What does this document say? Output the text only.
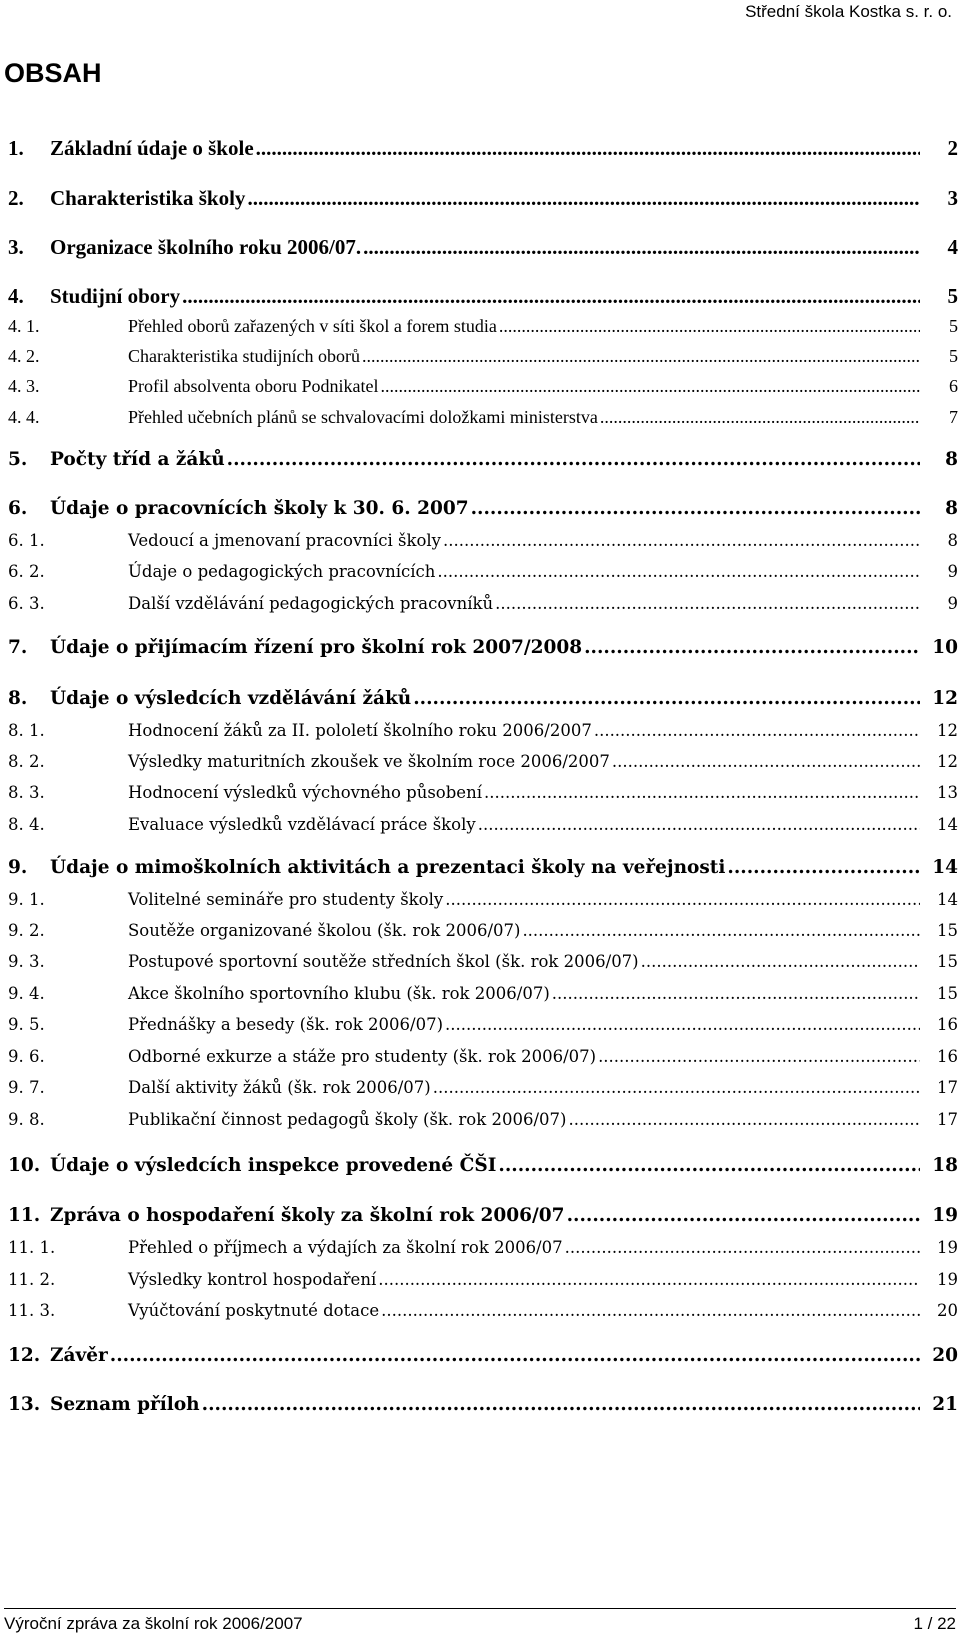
Střední škola Kostka s. r. o.
OBSAH
1.	Základní údaje o škole .....	2
2.	Charakteristika školy .....	3
3.	Organizace školního roku 2006/07. .....	4
4.	Studijní obory .....	5
4. 1.	Přehled oborů zařazených v síti škol a forem studia .....	5
4. 2.	Charakteristika studijních oborů .....	5
4. 3.	Profil absolventa oboru Podnikatel .....	6
4. 4.	Přehled učebních plánů se schvalovacími doložkami ministerstva .....	7
5.	Počty tříd a žáků .....	8
6.	Údaje o pracovnících školy k 30. 6. 2007 .....	8
6. 1.	Vedoucí a jmenovaní pracovníci školy .....	8
6. 2.	Údaje o pedagogických pracovnících .....	9
6. 3.	Další vzdělávání pedagogických pracovníků .....	9
7.	Údaje o přijímacím řízení pro školní rok 2007/2008 .....	10
8.	Údaje o výsledcích vzdělávání žáků .....	12
8. 1.	Hodnocení žáků za II. pololetí školního roku 2006/2007 .....	12
8. 2.	Výsledky maturitních zkoušek ve školním roce 2006/2007 .....	12
8. 3.	Hodnocení výsledků výchovného působení .....	13
8. 4.	Evaluace výsledků vzdělávací práce školy .....	14
9.	Údaje o mimoškolních aktivitách a prezentaci školy na veřejnosti .....	14
9. 1.	Volitelné semináře pro studenty školy .....	14
9. 2.	Soutěže organizované školou (šk. rok 2006/07) .....	15
9. 3.	Postupové sportovní soutěže středních škol (šk. rok 2006/07) .....	15
9. 4.	Akce školního sportovního klubu (šk. rok 2006/07) .....	15
9. 5.	Přednášky a besedy (šk. rok 2006/07) .....	16
9. 6.	Odborné exkurze a stáže pro studenty (šk. rok 2006/07) .....	16
9. 7.	Další aktivity žáků (šk. rok 2006/07) .....	17
9. 8.	Publikační činnost pedagogů školy (šk. rok 2006/07) .....	17
10. Údaje o výsledcích inspekce provedené ČŠI .....	18
11. Zpráva o hospodaření školy za školní rok 2006/07 .....	19
11. 1.	Přehled o příjmech a výdajích za školní rok 2006/07 .....	19
11. 2.	Výsledky kontrol hospodaření .....	19
11. 3.	Vyúčtování poskytnuté dotace .....	20
12. Závěr .....	20
13. Seznam příloh .....	21
Výroční zpráva za školní rok 2006/2007	1 / 22
